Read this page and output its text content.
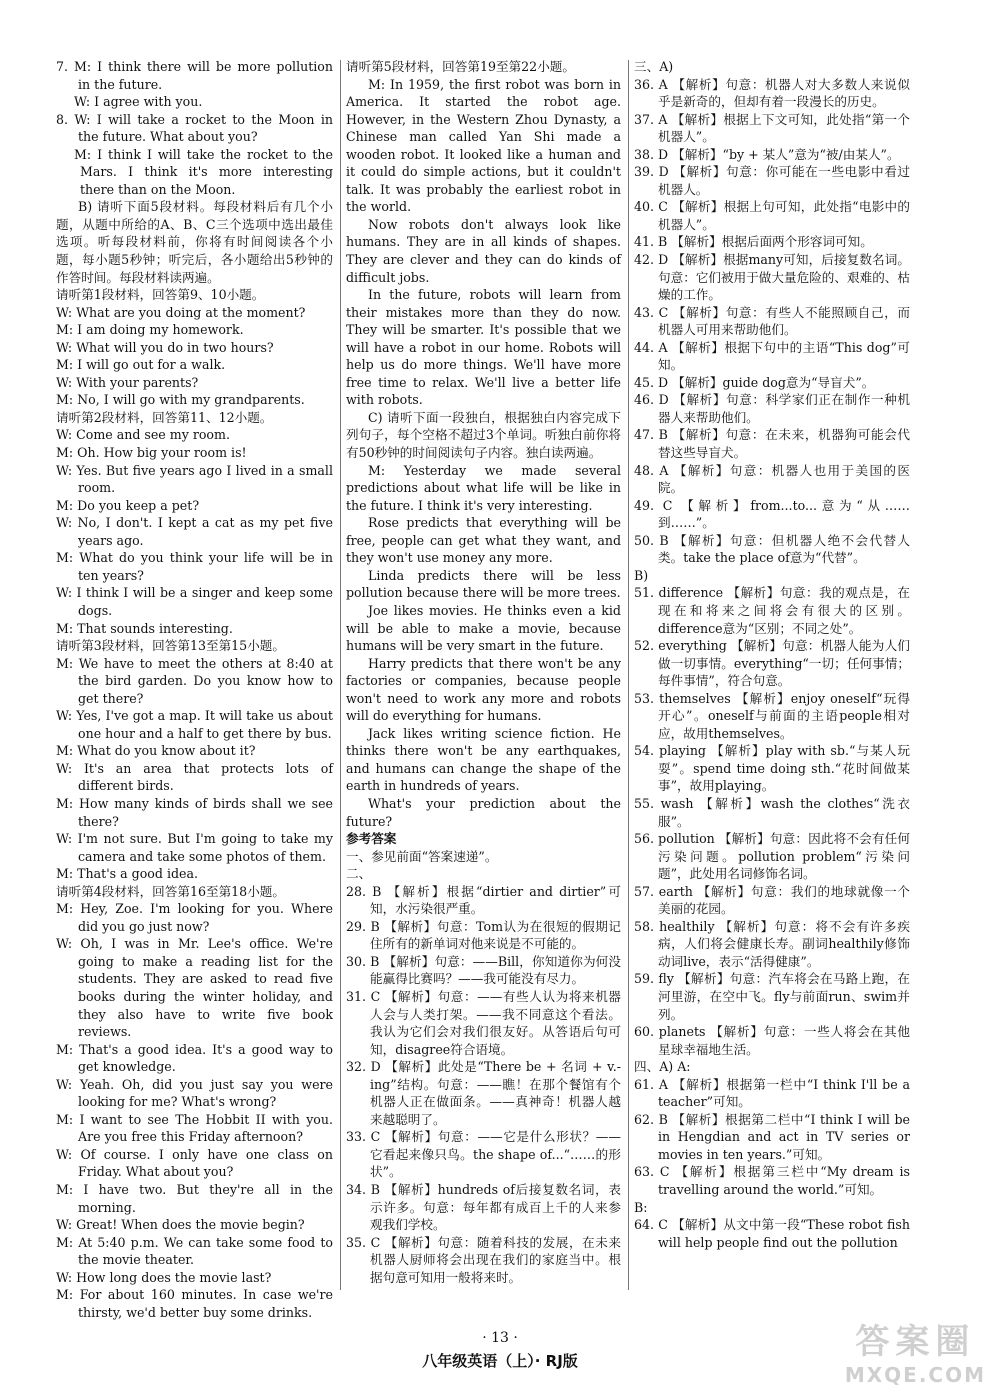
7. M: I think there will be more pollution in the future.

W: I agree with you.

8. W: I will take a rocket to the Moon in the future. What about you?

M: I think I will take the rocket to the Mars. I think it's more interesting there than on the Moon.

B) 请听下面5段材料。每段材料后有几个小题，从题中所给的A、B、C三个选项中选出最佳选项。听每段材料前，你将有时间阅读各个小题，每小题5秒钟；听完后，各小题给出5秒钟的作答时间。每段材料读两遍。

请听第1段材料，回答第9、10小题。

W: What are you doing at the moment?

M: I am doing my homework.

W: What will you do in two hours?

M: I will go out for a walk.

W: With your parents?

M: No, I will go with my grandparents.

请听第2段材料，回答第11、12小题。

W: Come and see my room.

M: Oh. How big your room is!

W: Yes. But five years ago I lived in a small room.

M: Do you keep a pet?

W: No, I don't. I kept a cat as my pet five years ago.

M: What do you think your life will be in ten years?

W: I think I will be a singer and keep some dogs.

M: That sounds interesting.

请听第3段材料，回答第13至第15小题。

M: We have to meet the others at 8:40 at the bird garden. Do you know how to get there?

W: Yes, I've got a map. It will take us about one hour and a half to get there by bus.

M: What do you know about it?

W: It's an area that protects lots of different birds.

M: How many kinds of birds shall we see there?

W: I'm not sure. But I'm going to take my camera and take some photos of them.

M: That's a good idea.

请听第4段材料，回答第16至第18小题。

M: Hey, Zoe. I'm looking for you. Where did you go just now?

W: Oh, I was in Mr. Lee's office. We're going to make a reading list for the students. They are asked to read five books during the winter holiday, and they also have to write five book reviews.

M: That's a good idea. It's a good way to get knowledge.

W: Yeah. Oh, did you just say you were looking for me? What's wrong?

M: I want to see The Hobbit II with you. Are you free this Friday afternoon?

W: Of course. I only have one class on Friday. What about you?

M: I have two. But they're all in the morning.

W: Great! When does the movie begin?

M: At 5:40 p.m. We can take some food to the movie theater.

W: How long does the movie last?

M: For about 160 minutes. In case we're thirsty, we'd better buy some drinks.

请听第5段材料，回答第19至第22小题。

M: In 1959, the first robot was born in America. It started the robot age. However, in the Western Zhou Dynasty, a Chinese man called Yan Shi made a wooden robot. It looked like a human and it could do simple actions, but it couldn't talk. It was probably the earliest robot in the world.

Now robots don't always look like humans. They are in all kinds of shapes. They are clever and they can do kinds of difficult jobs.

In the future, robots will learn from their mistakes more than they do now. They will be smarter. It's possible that we will have a robot in our home. Robots will help us do more things. We'll have more free time to relax. We'll live a better life with robots.

C) 请听下面一段独白，根据独白内容完成下列句子，每个空格不超过3个单词。听独白前你将有50秒钟的时间阅读句子内容。独白读两遍。

M: Yesterday we made several predictions about what life will be like in the future. I think it's very interesting.

Rose predicts that everything will be free, people can get what they want, and they won't use money any more.

Linda predicts there will be less pollution because there will be more trees.

Joe likes movies. He thinks even a kid will be able to make a movie, because humans will be very smart in the future.

Harry predicts that there won't be any factories or companies, because people won't need to work any more and robots will do everything for humans.

Jack likes writing science fiction. He thinks there won't be any earthquakes, and humans can change the shape of the earth in hundreds of years.

What's your prediction about the future?

参考答案

一、参见前面“答案速递”。

二、

28. B 【解析】根据“dirtier and dirtier”可知，水污染很严重。

29. B 【解析】句意：Tom认为在很短的假期记住所有的新单词对他来说是不可能的。

30. B 【解析】句意：——Bill，你知道你为何没能赢得比赛吗？——我可能没有尽力。

31. C 【解析】句意：——有些人认为将来机器人会与人类打架。——我不同意这个看法。我认为它们会对我们很友好。从答语后句可知，disagree符合语境。

32. D 【解析】此处是“There be + 名词 + v.-ing”结构。句意：——瞧！在那个餐馆有个机器人正在做面条。——真神奇！机器人越来越聪明了。

33. C 【解析】句意：——它是什么形状？——它看起来像只鸟。the shape of...“……的形状”。

34. B 【解析】hundreds of后接复数名词，表示许多。句意：每年都有成百上千的人来参观我们学校。

35. C 【解析】句意：随着科技的发展，在未来机器人厨师将会出现在我们的家庭当中。根据句意可知用一般将来时。

三、A)

36. A 【解析】句意：机器人对大多数人来说似乎是新奇的，但却有着一段漫长的历史。

37. A 【解析】根据上下文可知，此处指“第一个机器人”。

38. D 【解析】“by + 某人”意为“被/由某人”。

39. D 【解析】句意：你可能在一些电影中看过机器人。

40. C 【解析】根据上句可知，此处指“电影中的机器人”。

41. B 【解析】根据后面两个形容词可知。

42. D 【解析】根据many可知，后接复数名词。句意：它们被用于做大量危险的、艰难的、枯燥的工作。

43. C 【解析】句意：有些人不能照顾自己，而机器人可用来帮助他们。

44. A 【解析】根据下句中的主语“This dog”可知。

45. D 【解析】guide dog意为“导盲犬”。

46. D 【解析】句意：科学家们正在制作一种机器人来帮助他们。

47. B 【解析】句意：在未来，机器狗可能会代替这些导盲犬。

48. A 【解析】句意：机器人也用于美国的医院。

49. C 【解析】from...to...意为“从……到……”。

50. B 【解析】句意：但机器人绝不会代替人类。take the place of意为“代替”。

B)

51. difference 【解析】句意：我的观点是，在现在和将来之间将会有很大的区别。difference意为“区别；不同之处”。

52. everything 【解析】句意：机器人能为人们做一切事情。everything“一切；任何事情；每件事情”，符合句意。

53. themselves 【解析】enjoy oneself“玩得开心”。oneself与前面的主语people相对应，故用themselves。

54. playing 【解析】play with sb.“与某人玩耍”。spend time doing sth.“花时间做某事”，故用playing。

55. wash 【解析】wash the clothes“洗衣服”。

56. pollution 【解析】句意：因此将不会有任何污染问题。pollution problem“污染问题”，此处用名词修饰名词。

57. earth 【解析】句意：我们的地球就像一个美丽的花园。

58. healthily 【解析】句意：将不会有许多疾病，人们将会健康长寿。副词healthily修饰动词live，表示“活得健康”。

59. fly 【解析】句意：汽车将会在马路上跑，在河里游，在空中飞。fly与前面run、swim并列。

60. planets 【解析】句意：一些人将会在其他星球幸福地生活。

四、A) A:

61. A 【解析】根据第一栏中“I think I'll be a teacher”可知。

62. B 【解析】根据第二栏中“I think I will be in Hengdian and act in TV series or movies in ten years.”可知。

63. C 【解析】根据第三栏中“My dream is travelling around the world.”可知。

B:

64. C 【解析】从文中第一段“These robot fish will help people find out the pollution

· 13 ·
八年级英语（上）· RJ版	答案圈
MXQE.COM
